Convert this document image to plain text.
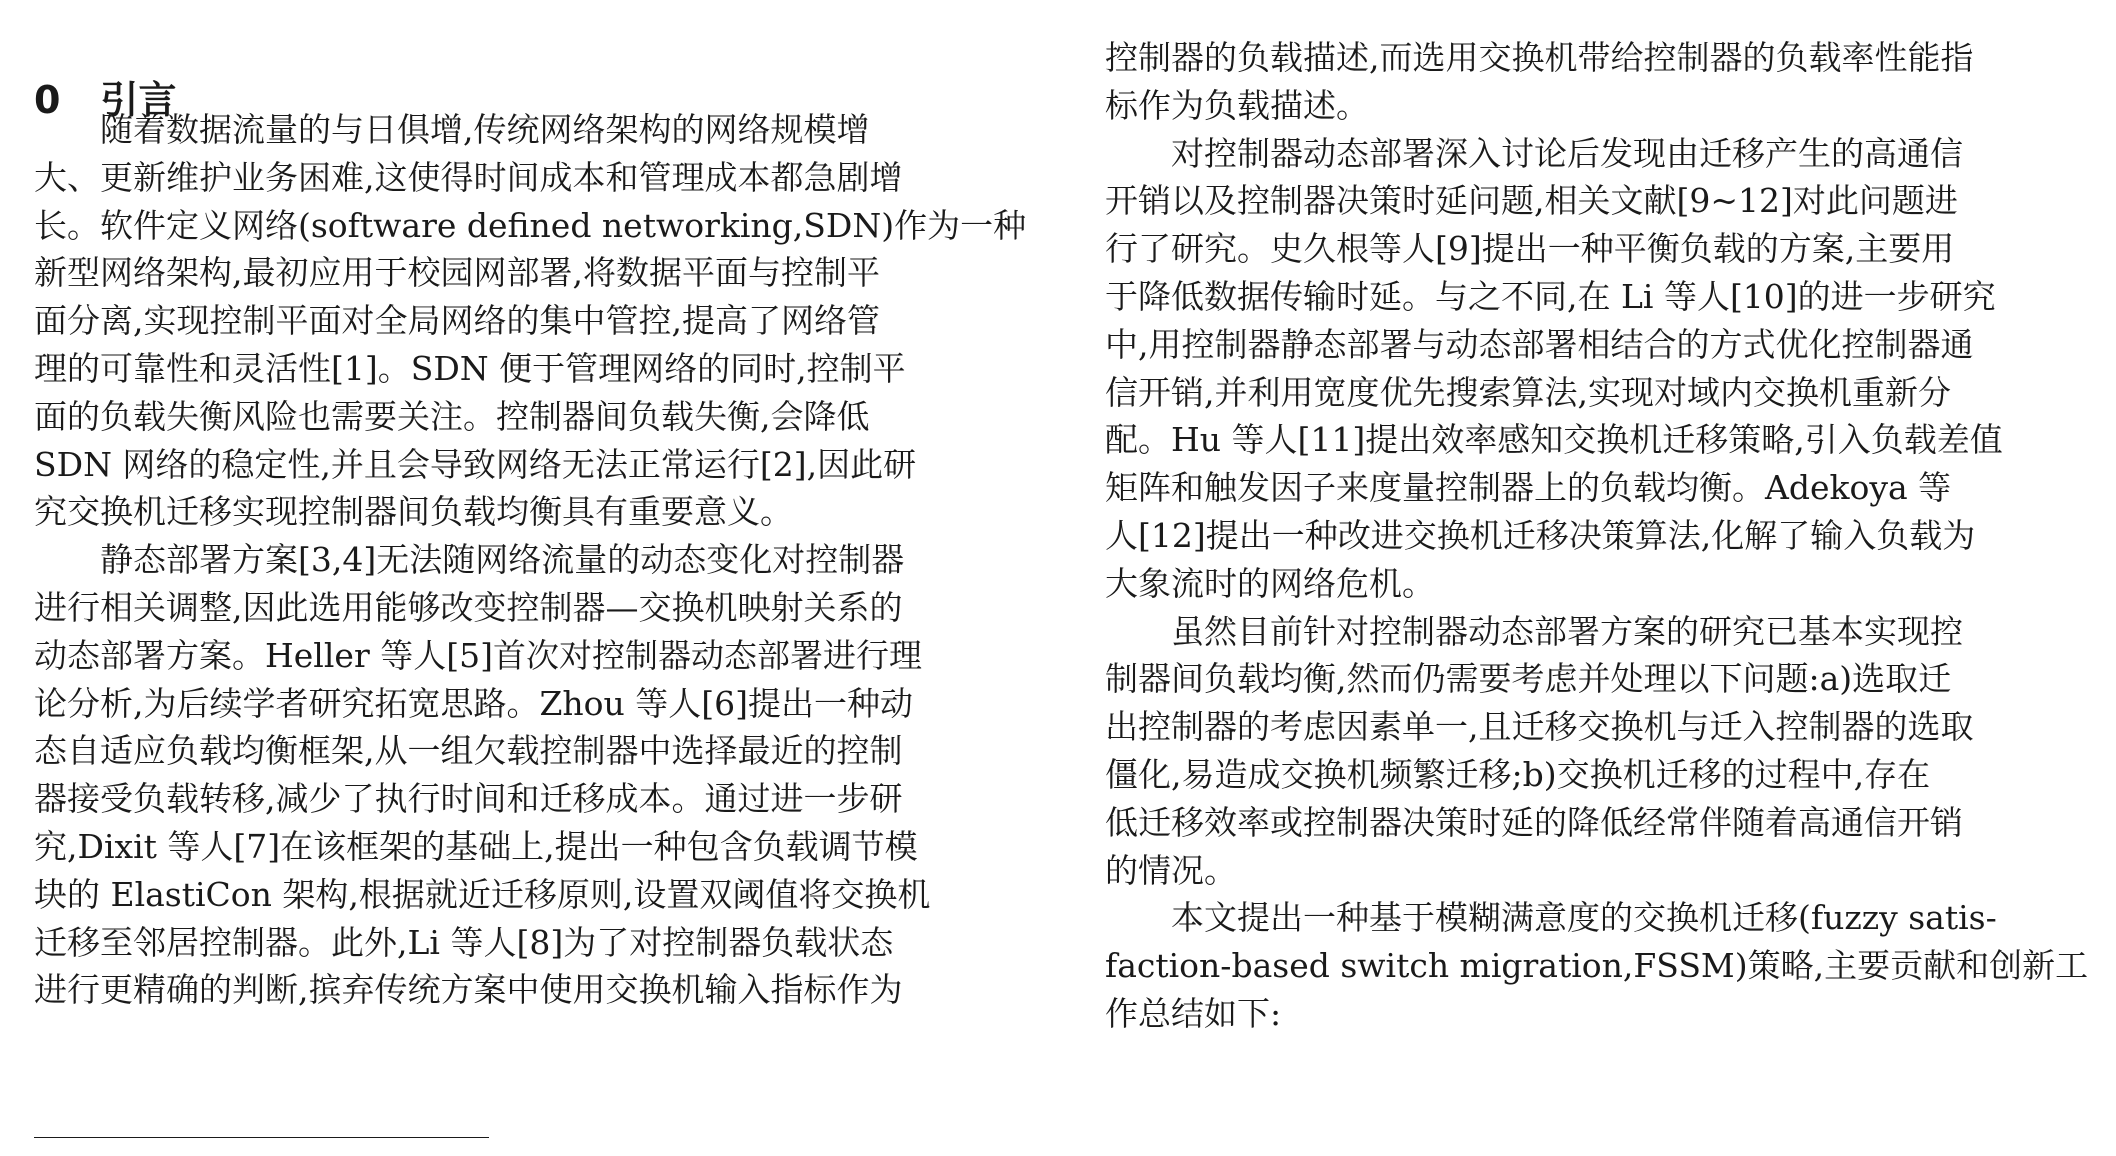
0 引言
随着数据流量的与日俱增,传统网络架构的网络规模增
大、更新维护业务困难,这使得时间成本和管理成本都急剧增
长。软件定义网络(software defined networking,SDN)作为一种
新型网络架构,最初应用于校园网部署,将数据平面与控制平
面分离,实现控制平面对全局网络的集中管控,提高了网络管
理的可靠性和灵活性[1]。SDN 便于管理网络的同时,控制平
面的负载失衡风险也需要关注。控制器间负载失衡,会降低
SDN 网络的稳定性,并且会导致网络无法正常运行[2],因此研
究交换机迁移实现控制器间负载均衡具有重要意义。
静态部署方案[3,4]无法随网络流量的动态变化对控制器
进行相关调整,因此选用能够改变控制器—交换机映射关系的
动态部署方案。Heller 等人[5]首次对控制器动态部署进行理
论分析,为后续学者研究拓宽思路。Zhou 等人[6]提出一种动
态自适应负载均衡框架,从一组欠载控制器中选择最近的控制
器接受负载转移,减少了执行时间和迁移成本。通过进一步研
究,Dixit 等人[7]在该框架的基础上,提出一种包含负载调节模
块的 ElastiCon 架构,根据就近迁移原则,设置双阈值将交换机
迁移至邻居控制器。此外,Li 等人[8]为了对控制器负载状态
进行更精确的判断,摈弃传统方案中使用交换机输入指标作为
控制器的负载描述,而选用交换机带给控制器的负载率性能指
标作为负载描述。
对控制器动态部署深入讨论后发现由迁移产生的高通信
开销以及控制器决策时延问题,相关文献[9~12]对此问题进
行了研究。史久根等人[9]提出一种平衡负载的方案,主要用
于降低数据传输时延。与之不同,在 Li 等人[10]的进一步研究
中,用控制器静态部署与动态部署相结合的方式优化控制器通
信开销,并利用宽度优先搜索算法,实现对域内交换机重新分
配。Hu 等人[11]提出效率感知交换机迁移策略,引入负载差值
矩阵和触发因子来度量控制器上的负载均衡。Adekoya 等
人[12]提出一种改进交换机迁移决策算法,化解了输入负载为
大象流时的网络危机。
虽然目前针对控制器动态部署方案的研究已基本实现控
制器间负载均衡,然而仍需要考虑并处理以下问题:a)选取迁
出控制器的考虑因素单一,且迁移交换机与迁入控制器的选取
僵化,易造成交换机频繁迁移;b)交换机迁移的过程中,存在
低迁移效率或控制器决策时延的降低经常伴随着高通信开销
的情况。
本文提出一种基于模糊满意度的交换机迁移(fuzzy satis-
faction-based switch migration,FSSM)策略,主要贡献和创新工
作总结如下:
